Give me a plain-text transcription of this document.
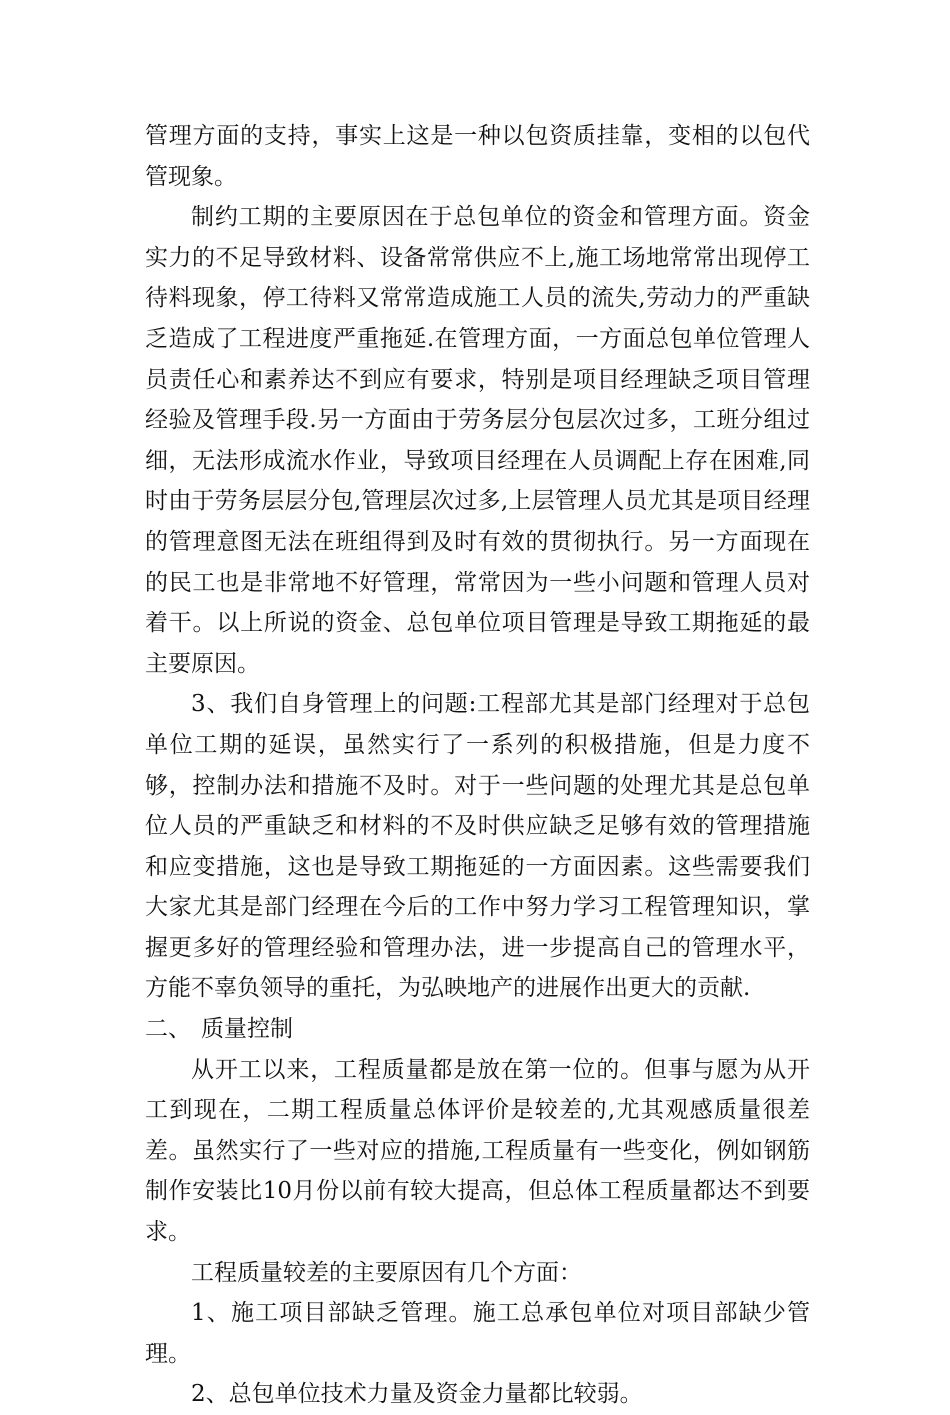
管理方面的支持，事实上这是一种以包资质挂靠，变相的以包代管现象。

制约工期的主要原因在于总包单位的资金和管理方面。资金实力的不足导致材料、设备常常供应不上,施工场地常常出现停工待料现象，停工待料又常常造成施工人员的流失,劳动力的严重缺乏造成了工程进度严重拖延.在管理方面，一方面总包单位管理人员责任心和素养达不到应有要求，特别是项目经理缺乏项目管理经验及管理手段.另一方面由于劳务层分包层次过多，工班分组过细，无法形成流水作业，导致项目经理在人员调配上存在困难,同时由于劳务层层分包,管理层次过多,上层管理人员尤其是项目经理的管理意图无法在班组得到及时有效的贯彻执行。另一方面现在的民工也是非常地不好管理，常常因为一些小问题和管理人员对着干。以上所说的资金、总包单位项目管理是导致工期拖延的最主要原因。

3、我们自身管理上的问题:工程部尤其是部门经理对于总包单位工期的延误，虽然实行了一系列的积极措施，但是力度不够，控制办法和措施不及时。对于一些问题的处理尤其是总包单位人员的严重缺乏和材料的不及时供应缺乏足够有效的管理措施和应变措施，这也是导致工期拖延的一方面因素。这些需要我们大家尤其是部门经理在今后的工作中努力学习工程管理知识，掌握更多好的管理经验和管理办法，进一步提高自己的管理水平，方能不辜负领导的重托，为弘映地产的进展作出更大的贡献.

二、 质量控制

从开工以来，工程质量都是放在第一位的。但事与愿为从开工到现在，二期工程质量总体评价是较差的,尤其观感质量很差差。虽然实行了一些对应的措施,工程质量有一些变化，例如钢筋制作安装比10月份以前有较大提高，但总体工程质量都达不到要求。

工程质量较差的主要原因有几个方面：

1、施工项目部缺乏管理。施工总承包单位对项目部缺少管理。

2、总包单位技术力量及资金力量都比较弱。
